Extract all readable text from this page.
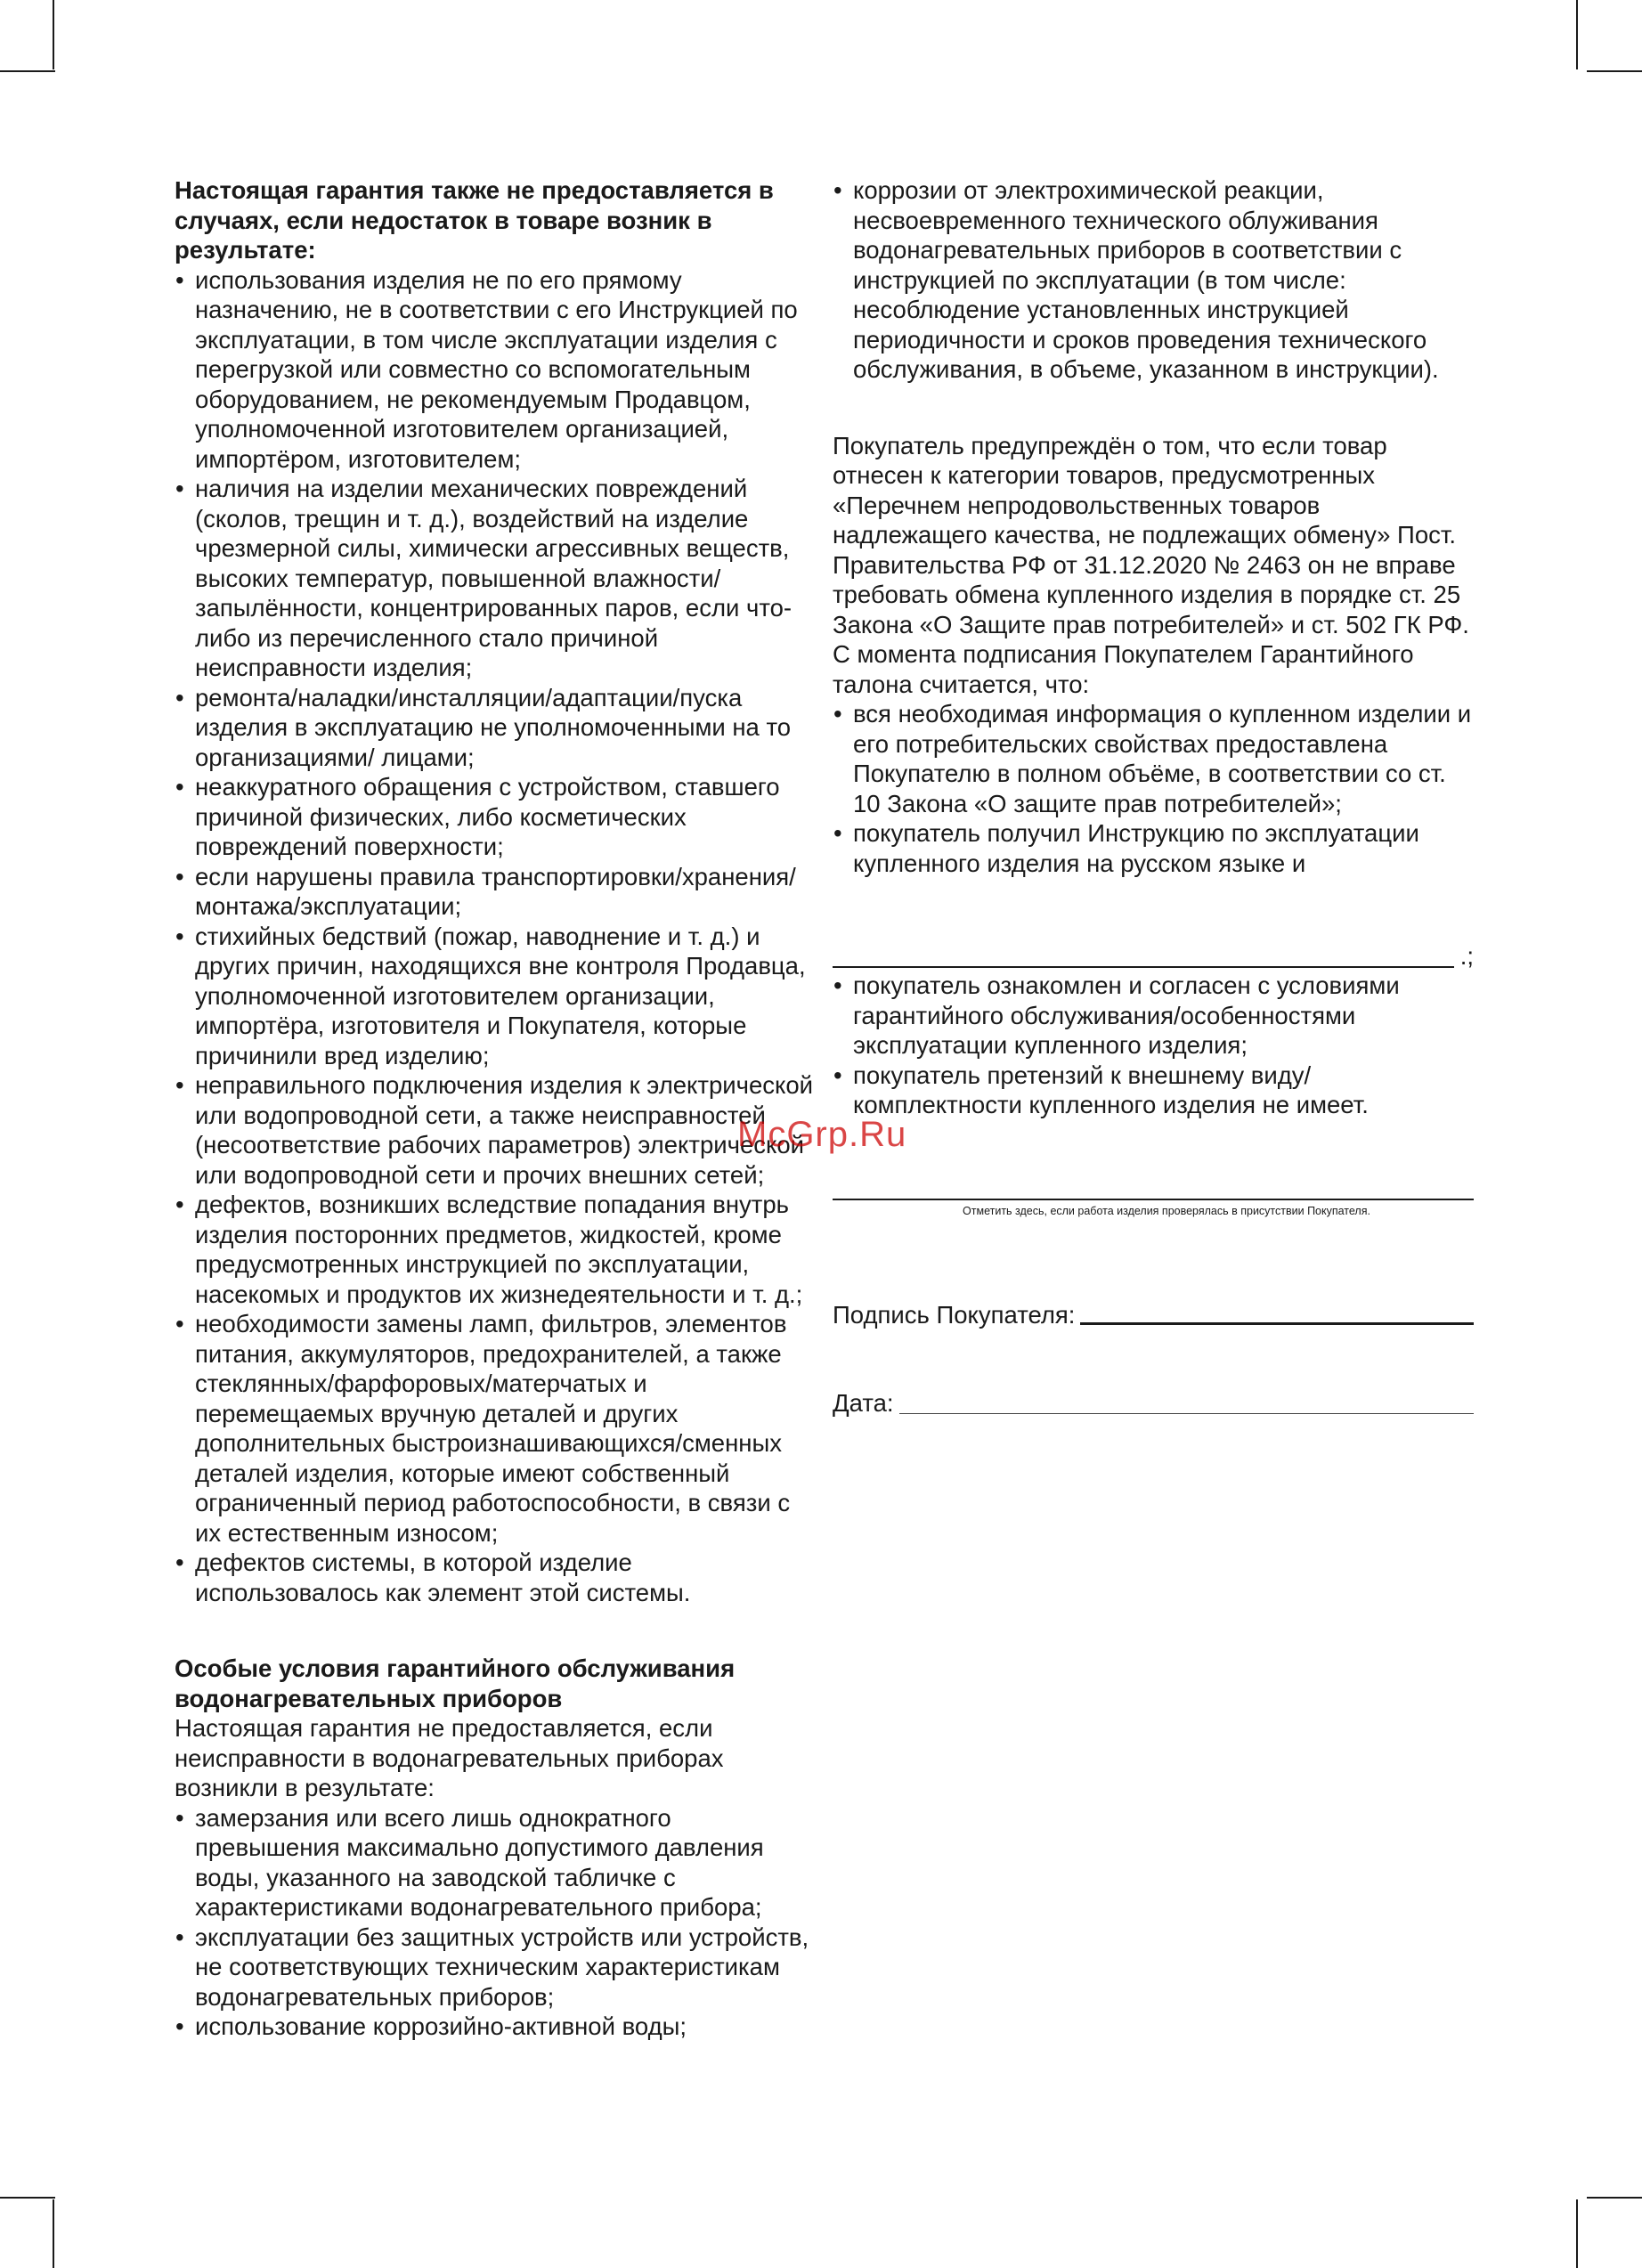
Настоящая гарантия также не предоставляется в случаях, если недостаток в товаре возник в результате:

• использования изделия не по его прямому назначению, не в соответствии с его Инструкцией по эксплуатации, в том числе эксплуатации изделия с перегрузкой или совместно со вспомогательным оборудованием, не рекомендуемым Продавцом, уполномоченной изготовителем организацией, импортёром, изготовителем;
• наличия на изделии механических повреждений (сколов, трещин и т. д.), воздействий на изделие чрезмерной силы, химически агрессивных веществ, высоких температур, повышенной влажности/запылённости, концентрированных паров, если что-либо из перечисленного стало причиной неисправности изделия;
• ремонта/наладки/инсталляции/адаптации/пуска изделия в эксплуатацию не уполномоченными на то организациями/ лицами;
• неаккуратного обращения с устройством, ставшего причиной физических, либо косметических повреждений поверхности;
• если нарушены правила транспортировки/хранения/монтажа/эксплуатации;
• стихийных бедствий (пожар, наводнение и т. д.) и других причин, находящихся вне контроля Продавца, уполномоченной изготовителем организации, импортёра, изготовителя и Покупателя, которые причинили вред изделию;
• неправильного подключения изделия к электрической или водопроводной сети, а также неисправностей (несоответствие рабочих параметров) электрической или водопроводной сети и прочих внешних сетей;
• дефектов, возникших вследствие попадания внутрь изделия посторонних предметов, жидкостей, кроме предусмотренных инструкцией по эксплуатации, насекомых и продуктов их жизнедеятельности и т. д.;
• необходимости замены ламп, фильтров, элементов питания, аккумуляторов, предохранителей, а также стеклянных/фарфоровых/матерчатых и перемещаемых вручную деталей и других дополнительных быстроизнашивающихся/сменных деталей изделия, которые имеют собственный ограниченный период работоспособности, в связи с их естественным износом;
• дефектов системы, в которой изделие использовалось как элемент этой системы.

Особые условия гарантийного обслуживания водонагревательных приборов

Настоящая гарантия не предоставляется, если неисправности в водонагревательных приборах возникли в результате:

• замерзания или всего лишь однократного превышения максимально допустимого давления воды, указанного на заводской табличке с характеристиками водонагревательного прибора;
• эксплуатации без защитных устройств или устройств, не соответствующих техническим характеристикам водонагревательных приборов;
• использование коррозийно-активной воды;
• коррозии от электрохимической реакции, несвоевременного технического облуживания водонагревательных приборов в соответствии с инструкцией по эксплуатации (в том числе: несоблюдение установленных инструкцией периодичности и сроков проведения технического обслуживания, в объеме, указанном в инструкции).

Покупатель предупреждён о том, что если товар отнесен к категории товаров, предусмотренных «Перечнем непродовольственных товаров надлежащего качества, не подлежащих обмену» Пост. Правительства РФ от 31.12.2020 № 2463 он не вправе требовать обмена купленного изделия в порядке ст. 25 Закона «О Защите прав потребителей» и ст. 502 ГК РФ. С момента подписания Покупателем Гарантийного талона считается, что:

• вся необходимая информация о купленном изделии и его потребительских свойствах предоставлена Покупателю в полном объёме, в соответствии со ст. 10 Закона «О защите прав потребителей»;
• покупатель получил Инструкцию по эксплуатации купленного изделия на русском языке и
.;
• покупатель ознакомлен и согласен с условиями гарантийного обслуживания/особенностями эксплуатации купленного изделия;
• покупатель претензий к внешнему виду/комплектности купленного изделия не имеет.
Отметить здесь, если работа изделия проверялась в присутствии Покупателя.
Подпись Покупателя:
Дата:
McGrp.Ru
